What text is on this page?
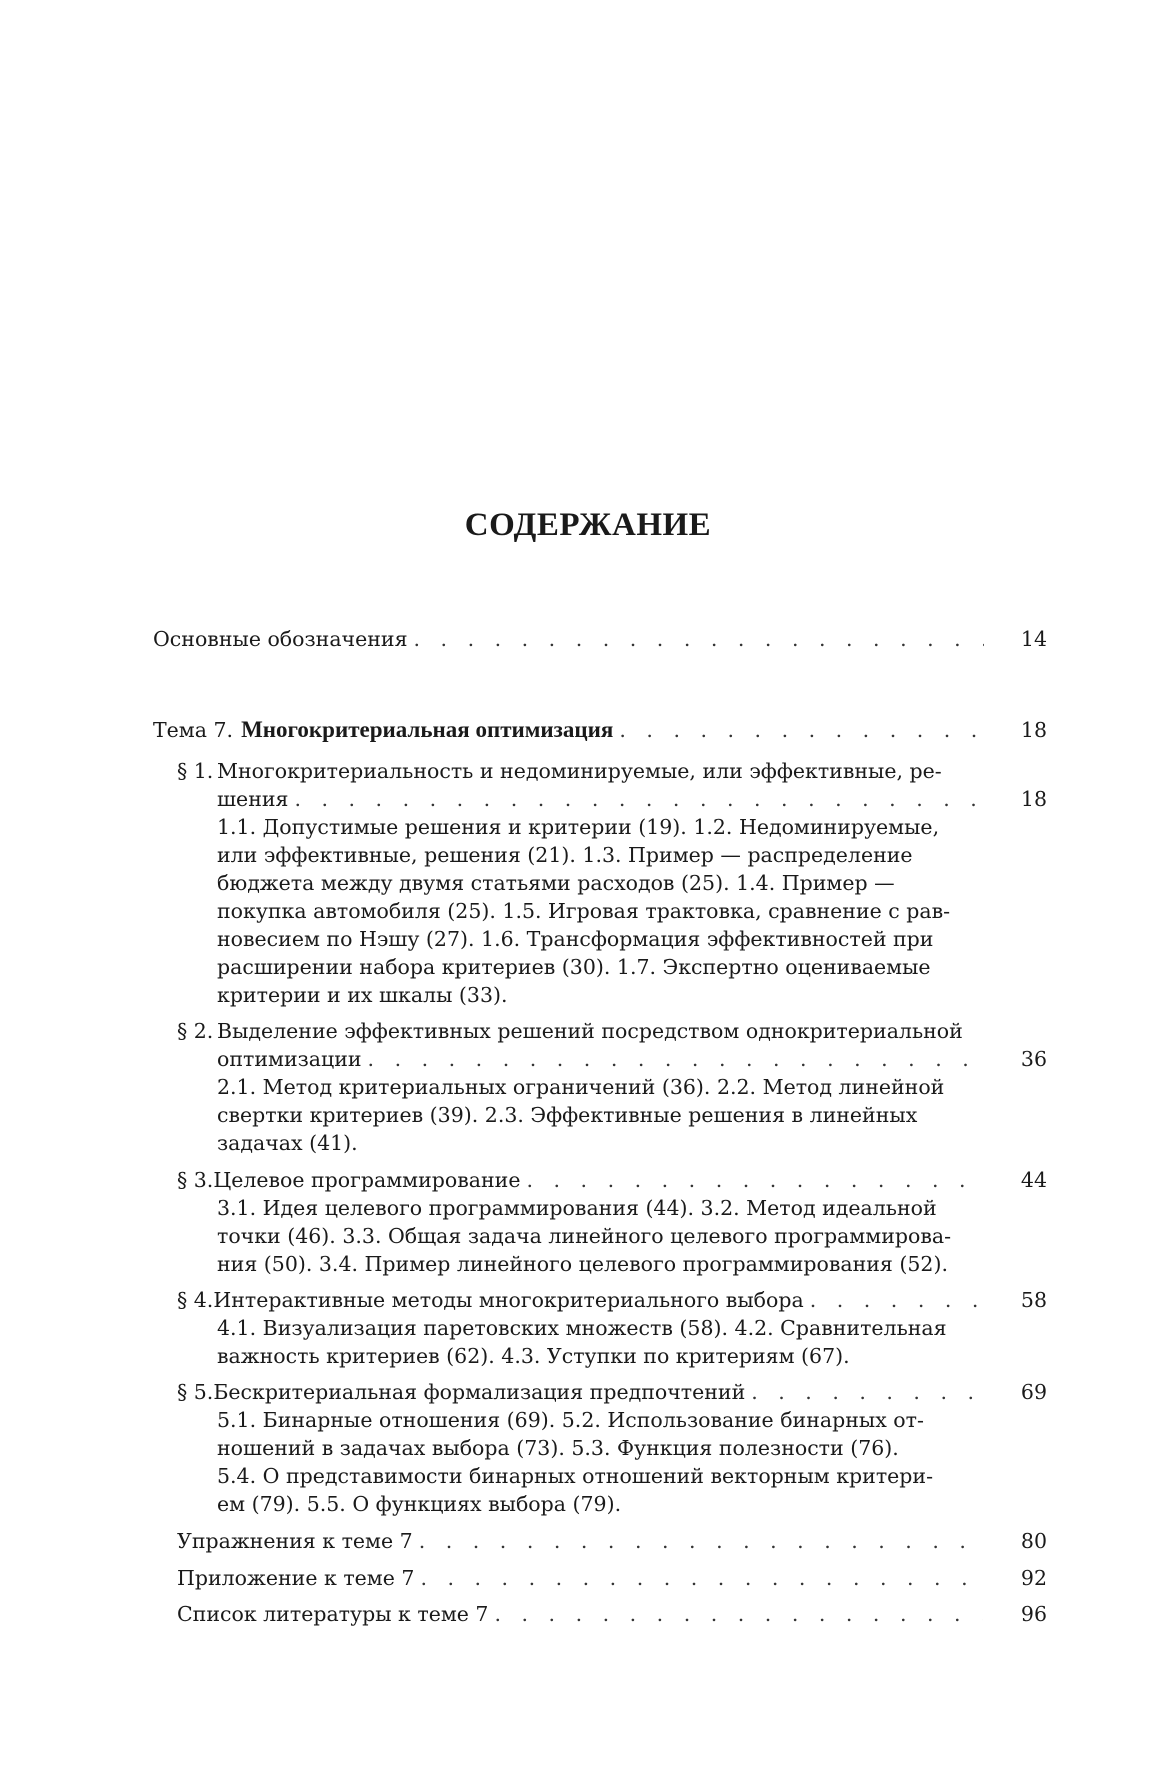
СОДЕРЖАНИЕ
Основные обозначения . . .	14
Тема 7. Многокритериальная оптимизация . . .	18
§ 1. Многокритериальность и недоминируемые, или эффективные, ре-
шения . . .	18

1.1. Допустимые решения и критерии (19). 1.2. Недоминируемые,
или эффективные, решения (21). 1.3. Пример — распределение
бюджета между двумя статьями расходов (25). 1.4. Пример —
покупка автомобиля (25). 1.5. Игровая трактовка, сравнение с рав-
новесием по Нэшу (27). 1.6. Трансформация эффективностей при
расширении набора критериев (30). 1.7. Экспертно оцениваемые
критерии и их шкалы (33).

§ 2. Выделение эффективных решений посредством однокритериальной
оптимизации . . .	36

2.1. Метод критериальных ограничений (36). 2.2. Метод линейной
свертки критериев (39). 2.3. Эффективные решения в линейных
задачах (41).

§ 3. Целевое программирование . . .	44

3.1. Идея целевого программирования (44). 3.2. Метод идеальной
точки (46). 3.3. Общая задача линейного целевого программирова-
ния (50). 3.4. Пример линейного целевого программирования (52).

§ 4. Интерактивные методы многокритериального выбора . . .	58

4.1. Визуализация паретовских множеств (58). 4.2. Сравнительная
важность критериев (62). 4.3. Уступки по критериям (67).

§ 5. Бескритериальная формализация предпочтений . . .	69

5.1. Бинарные отношения (69). 5.2. Использование бинарных от-
ношений в задачах выбора (73). 5.3. Функция полезности (76).
5.4. О представимости бинарных отношений векторным критери-
ем (79). 5.5. О функциях выбора (79).

Упражнения к теме 7 . . .	80
Приложение к теме 7 . . .	92
Список литературы к теме 7 . . .	96
